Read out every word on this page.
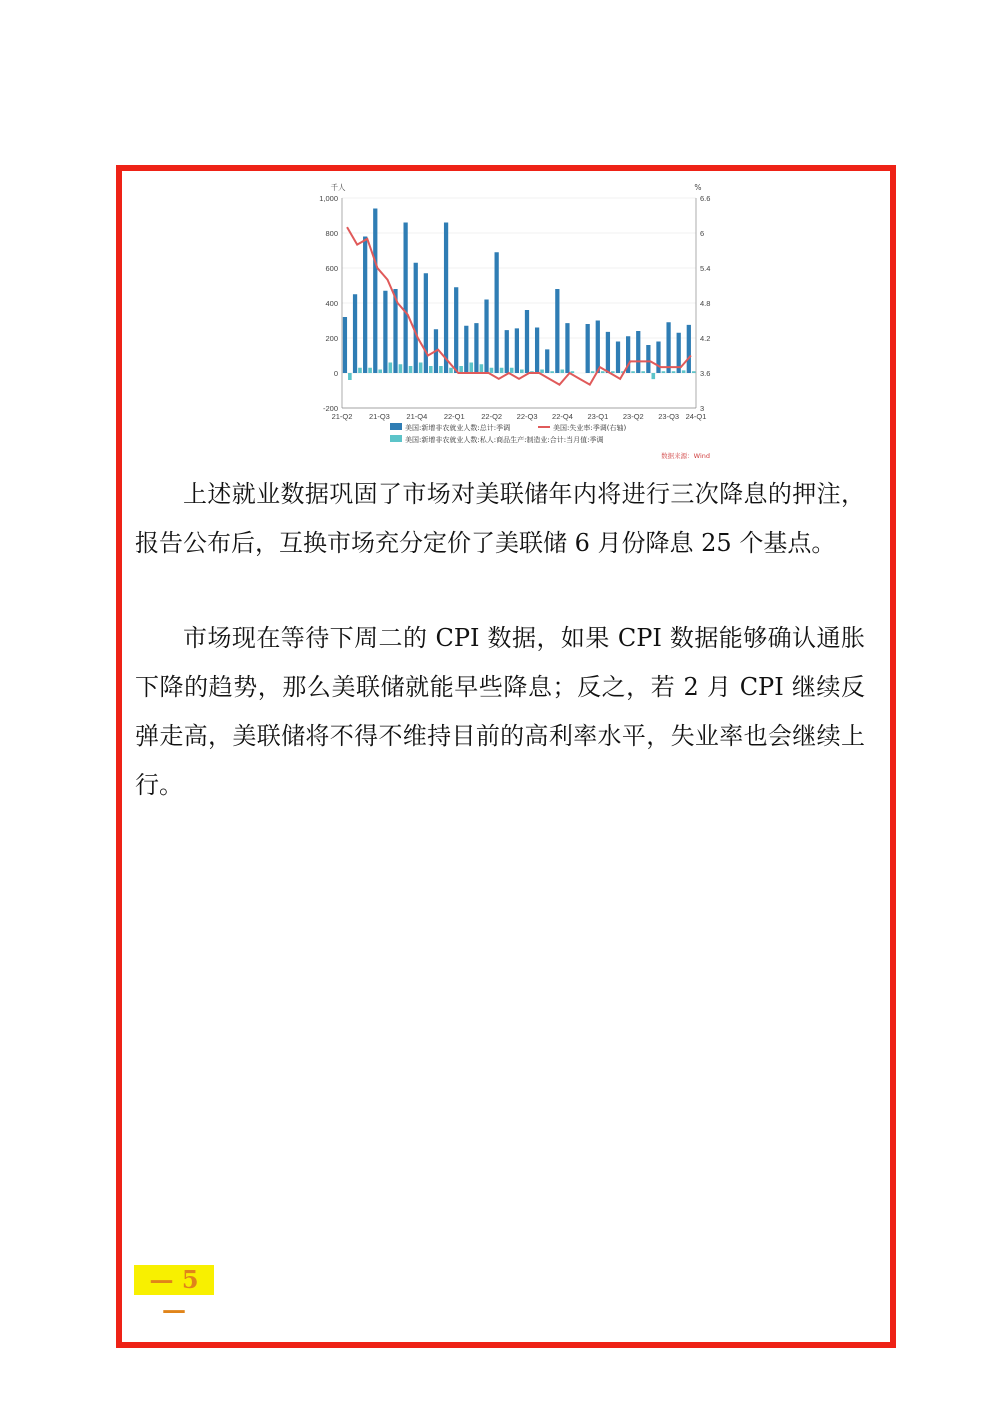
1,000
800
600
400
200
0
-200
6.6
6
5.4
4.8
4.2
3.6
3
千人	%
21-Q2 21-Q3 21-Q4 22-Q1 22-Q2 22-Q3 22-Q4 23-Q1 23-Q2 23-Q3 24-Q1
美国:新增非农就业人数:总计:季调	美国:失业率:季调(右轴)
美国:新增非农就业人数:私人:商品生产:制造业:合计:当月值:季调
数据来源：Wind

上述就业数据巩固了市场对美联储年内将进行三次降息的押注，报告公布后，互换市场充分定价了美联储 6 月份降息 25 个基点。

市场现在等待下周二的 CPI 数据，如果 CPI 数据能够确认通胀下降的趋势，那么美联储就能早些降息；反之，若 2 月 CPI 继续反弹走高，美联储将不得不维持目前的高利率水平，失业率也会继续上行。

— 5 —
